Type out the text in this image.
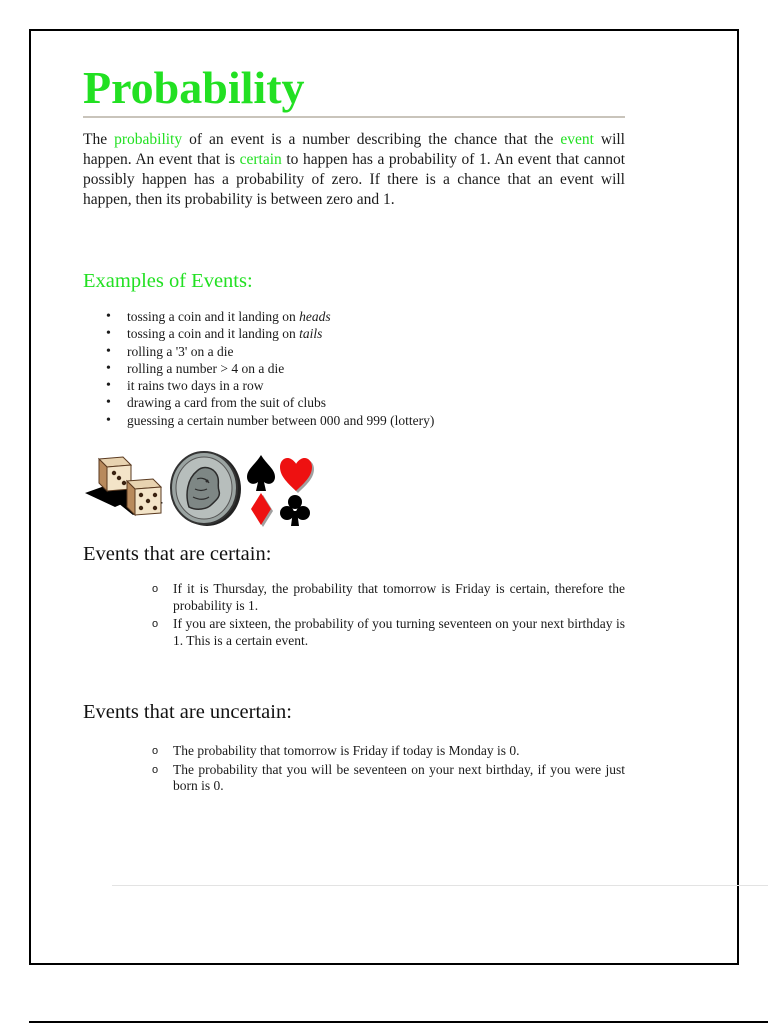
Probability

The probability of an event is a number describing the chance that the event will happen. An event that is certain to happen has a probability of 1. An event that cannot possibly happen has a probability of zero. If there is a chance that an event will happen, then its probability is between zero and 1.

Examples of Events:
• tossing a coin and it landing on heads
• tossing a coin and it landing on tails
• rolling a '3' on a die
• rolling a number > 4 on a die
• it rains two days in a row
• drawing a card from the suit of clubs
• guessing a certain number between 000 and 999 (lottery)
Events that are certain:
o If it is Thursday, the probability that tomorrow is Friday is certain, therefore the probability is 1.
o If you are sixteen, the probability of you turning seventeen on your next birthday is 1. This is a certain event.
Events that are uncertain:
o The probability that tomorrow is Friday if today is Monday is 0.
o The probability that you will be seventeen on your next birthday, if you were just born is 0.
